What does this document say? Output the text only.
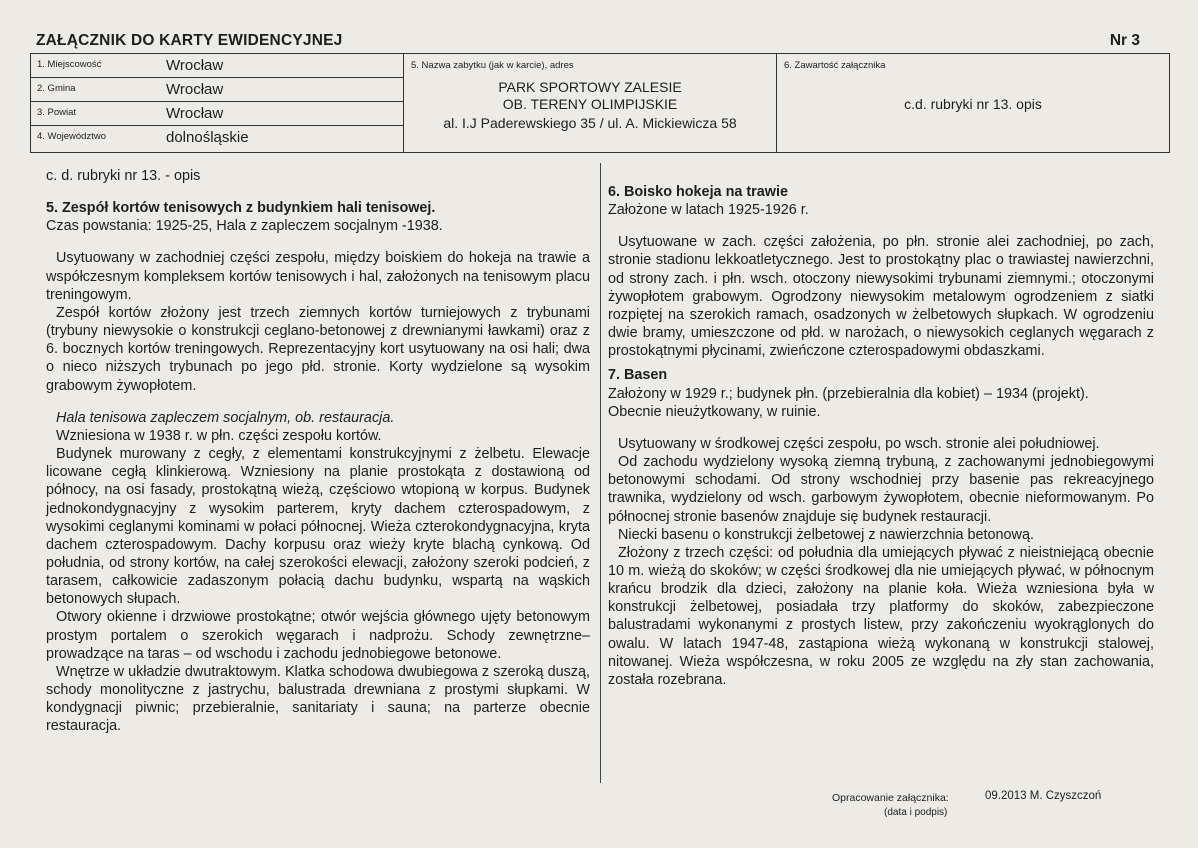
ZAŁĄCZNIK DO KARTY EWIDENCYJNEJ	Nr 3
1. Miejscowość	Wrocław
2. Gmina	Wrocław
3. Powiat	Wrocław
4. Województwo	dolnośląskie
5. Nazwa zabytku (jak w karcie), adres
PARK SPORTOWY ZALESIE
OB. TERENY OLIMPIJSKIE
al. I.J Paderewskiego 35 / ul. A. Mickiewicza 58
6. Zawartość załącznika
c.d. rubryki nr 13. opis

c. d. rubryki nr 13. - opis

5. Zespół kortów tenisowych z budynkiem hali tenisowej.

Czas powstania: 1925-25, Hala z zapleczem socjalnym -1938.

Usytuowany w zachodniej części zespołu, między boiskiem do hokeja na trawie a współczesnym kompleksem kortów tenisowych i hal, założonych na tenisowym placu treningowym.

Zespół kortów złożony jest trzech ziemnych kortów turniejowych z trybunami (trybuny niewysokie o konstrukcji ceglano-betonowej z drewnianymi ławkami) oraz z 6. bocznych kortów treningowych. Reprezentacyjny kort usytuowany na osi hali; dwa o nieco niższych trybunach po jego płd. stronie. Korty wydzielone są wysokim grabowym żywopłotem.

Hala tenisowa zapleczem socjalnym, ob. restauracja.

Wzniesiona w 1938 r. w płn. części zespołu kortów.

Budynek murowany z cegły, z elementami konstrukcyjnymi z żelbetu. Elewacje licowane cegłą klinkierową. Wzniesiony na planie prostokąta z dostawioną od północy, na osi fasady, prostokątną wieżą, częściowo wtopioną w korpus. Budynek jednokondygnacyjny z wysokim parterem, kryty dachem czterospadowym, z wysokimi ceglanymi kominami w połaci północnej. Wieża czterokondygnacyjna, kryta dachem czterospadowym. Dachy korpusu oraz wieży kryte blachą cynkową. Od południa, od strony kortów, na całej szerokości elewacji, założony szeroki podcień, z tarasem, całkowicie zadaszonym połacią dachu budynku, wspartą na wąskich betonowych słupach.

Otwory okienne i drzwiowe prostokątne; otwór wejścia głównego ujęty betonowym prostym portalem o szerokich węgarach i nadprożu. Schody zewnętrzne– prowadzące na taras – od wschodu i zachodu jednobiegowe betonowe.

Wnętrze w układzie dwutraktowym. Klatka schodowa dwubiegowa z szeroką duszą, schody monolityczne z jastrychu, balustrada drewniana z prostymi słupkami. W kondygnacji piwnic; przebieralnie, sanitariaty i sauna; na parterze obecnie restauracja.

6. Boisko hokeja na trawie

Założone w latach 1925-1926 r.

Usytuowane w zach. części założenia, po płn. stronie alei zachodniej, po zach, stronie stadionu lekkoatletycznego. Jest to prostokątny plac o trawiastej nawierzchni, od strony zach. i płn. wsch. otoczony niewysokimi trybunami ziemnymi.; otoczonymi żywopłotem grabowym. Ogrodzony niewysokim metalowym ogrodzeniem z siatki rozpiętej na szerokich ramach, osadzonych w żelbetowych słupkach. W ogrodzeniu dwie bramy, umieszczone od płd. w narożach, o niewysokich ceglanych węgarach z prostokątnymi płycinami, zwieńczone czterospadowymi obdaszkami.

7. Basen

Założony w 1929 r.; budynek płn. (przebieralnia dla kobiet) – 1934 (projekt).

Obecnie nieużytkowany, w ruinie.

Usytuowany w środkowej części zespołu, po wsch. stronie alei południowej.

Od zachodu wydzielony wysoką ziemną trybuną, z zachowanymi jednobiegowymi betonowymi schodami. Od strony wschodniej przy basenie pas rekreacyjnego trawnika, wydzielony od wsch. garbowym żywopłotem, obecnie nieformowanym. Po północnej stronie basenów znajduje się budynek restauracji.

Niecki basenu o konstrukcji żelbetowej z nawierzchnia betonową.

Złożony z trzech części: od południa dla umiejących pływać z nieistniejącą obecnie 10 m. wieżą do skoków; w części środkowej dla nie umiejących pływać, w północnym krańcu brodzik dla dzieci, założony na planie koła. Wieża wzniesiona była w konstrukcji żelbetowej, posiadała trzy platformy do skoków, zabezpieczone balustradami wykonanymi z prostych listew, przy zakończeniu wyokrąglonych do owalu. W latach 1947-48, zastąpiona wieżą wykonaną w konstrukcji stalowej, nitowanej. Wieża współczesna, w roku 2005 ze względu na zły stan zachowania, została rozebrana.

Opracowanie załącznika:	09.2013 M. Czyszczoń
(data i podpis)
